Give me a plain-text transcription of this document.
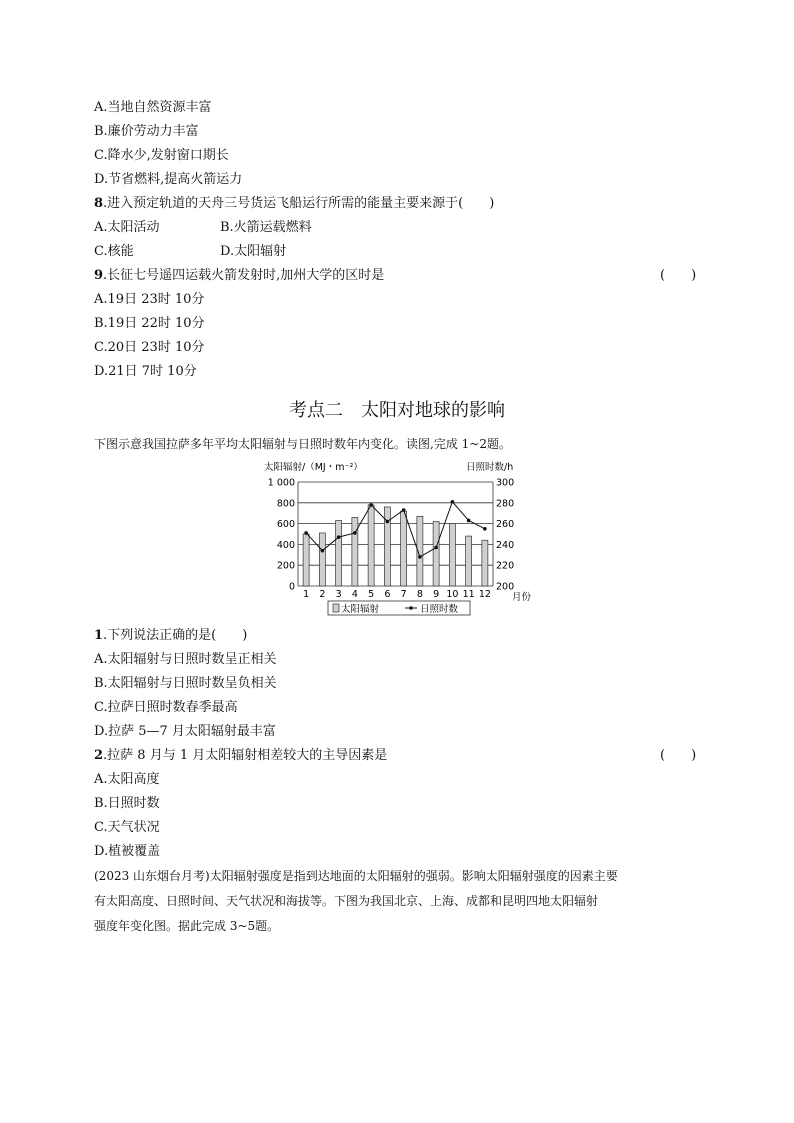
A.当地自然资源丰富
B.廉价劳动力丰富
C.降水少,发射窗口期长
D.节省燃料,提高火箭运力
8.进入预定轨道的天舟三号货运飞船运行所需的能量主要来源于(　　)
A.太阳活动	B.火箭运载燃料
C.核能	D.太阳辐射
9.长征七号遥四运载火箭发射时,加州大学的区时是	(　　)
A.19日 23时 10分
B.19日 22时 10分
C.20日 23时 10分
D.21日 7时 10分
考点二　太阳对地球的影响
下图示意我国拉萨多年平均太阳辐射与日照时数年内变化。读图,完成 1~2题。
太阳辐射/（MJ・m⁻²）	日照时数/h
1 000
800
600
400
200
0
300
280
260
240
220
200
1 2 3 4 5 6 7 8 9 10 11 12 月份
太阳辐射	日照时数
1.下列说法正确的是(　　)
A.太阳辐射与日照时数呈正相关
B.太阳辐射与日照时数呈负相关
C.拉萨日照时数春季最高
D.拉萨 5—7 月太阳辐射最丰富
2.拉萨 8 月与 1 月太阳辐射相差较大的主导因素是	(　　)
A.太阳高度
B.日照时数
C.天气状况
D.植被覆盖
(2023 山东烟台月考)太阳辐射强度是指到达地面的太阳辐射的强弱。影响太阳辐射强度的因素主要
有太阳高度、日照时间、天气状况和海拔等。下图为我国北京、上海、成都和昆明四地太阳辐射
强度年变化图。据此完成 3~5题。
